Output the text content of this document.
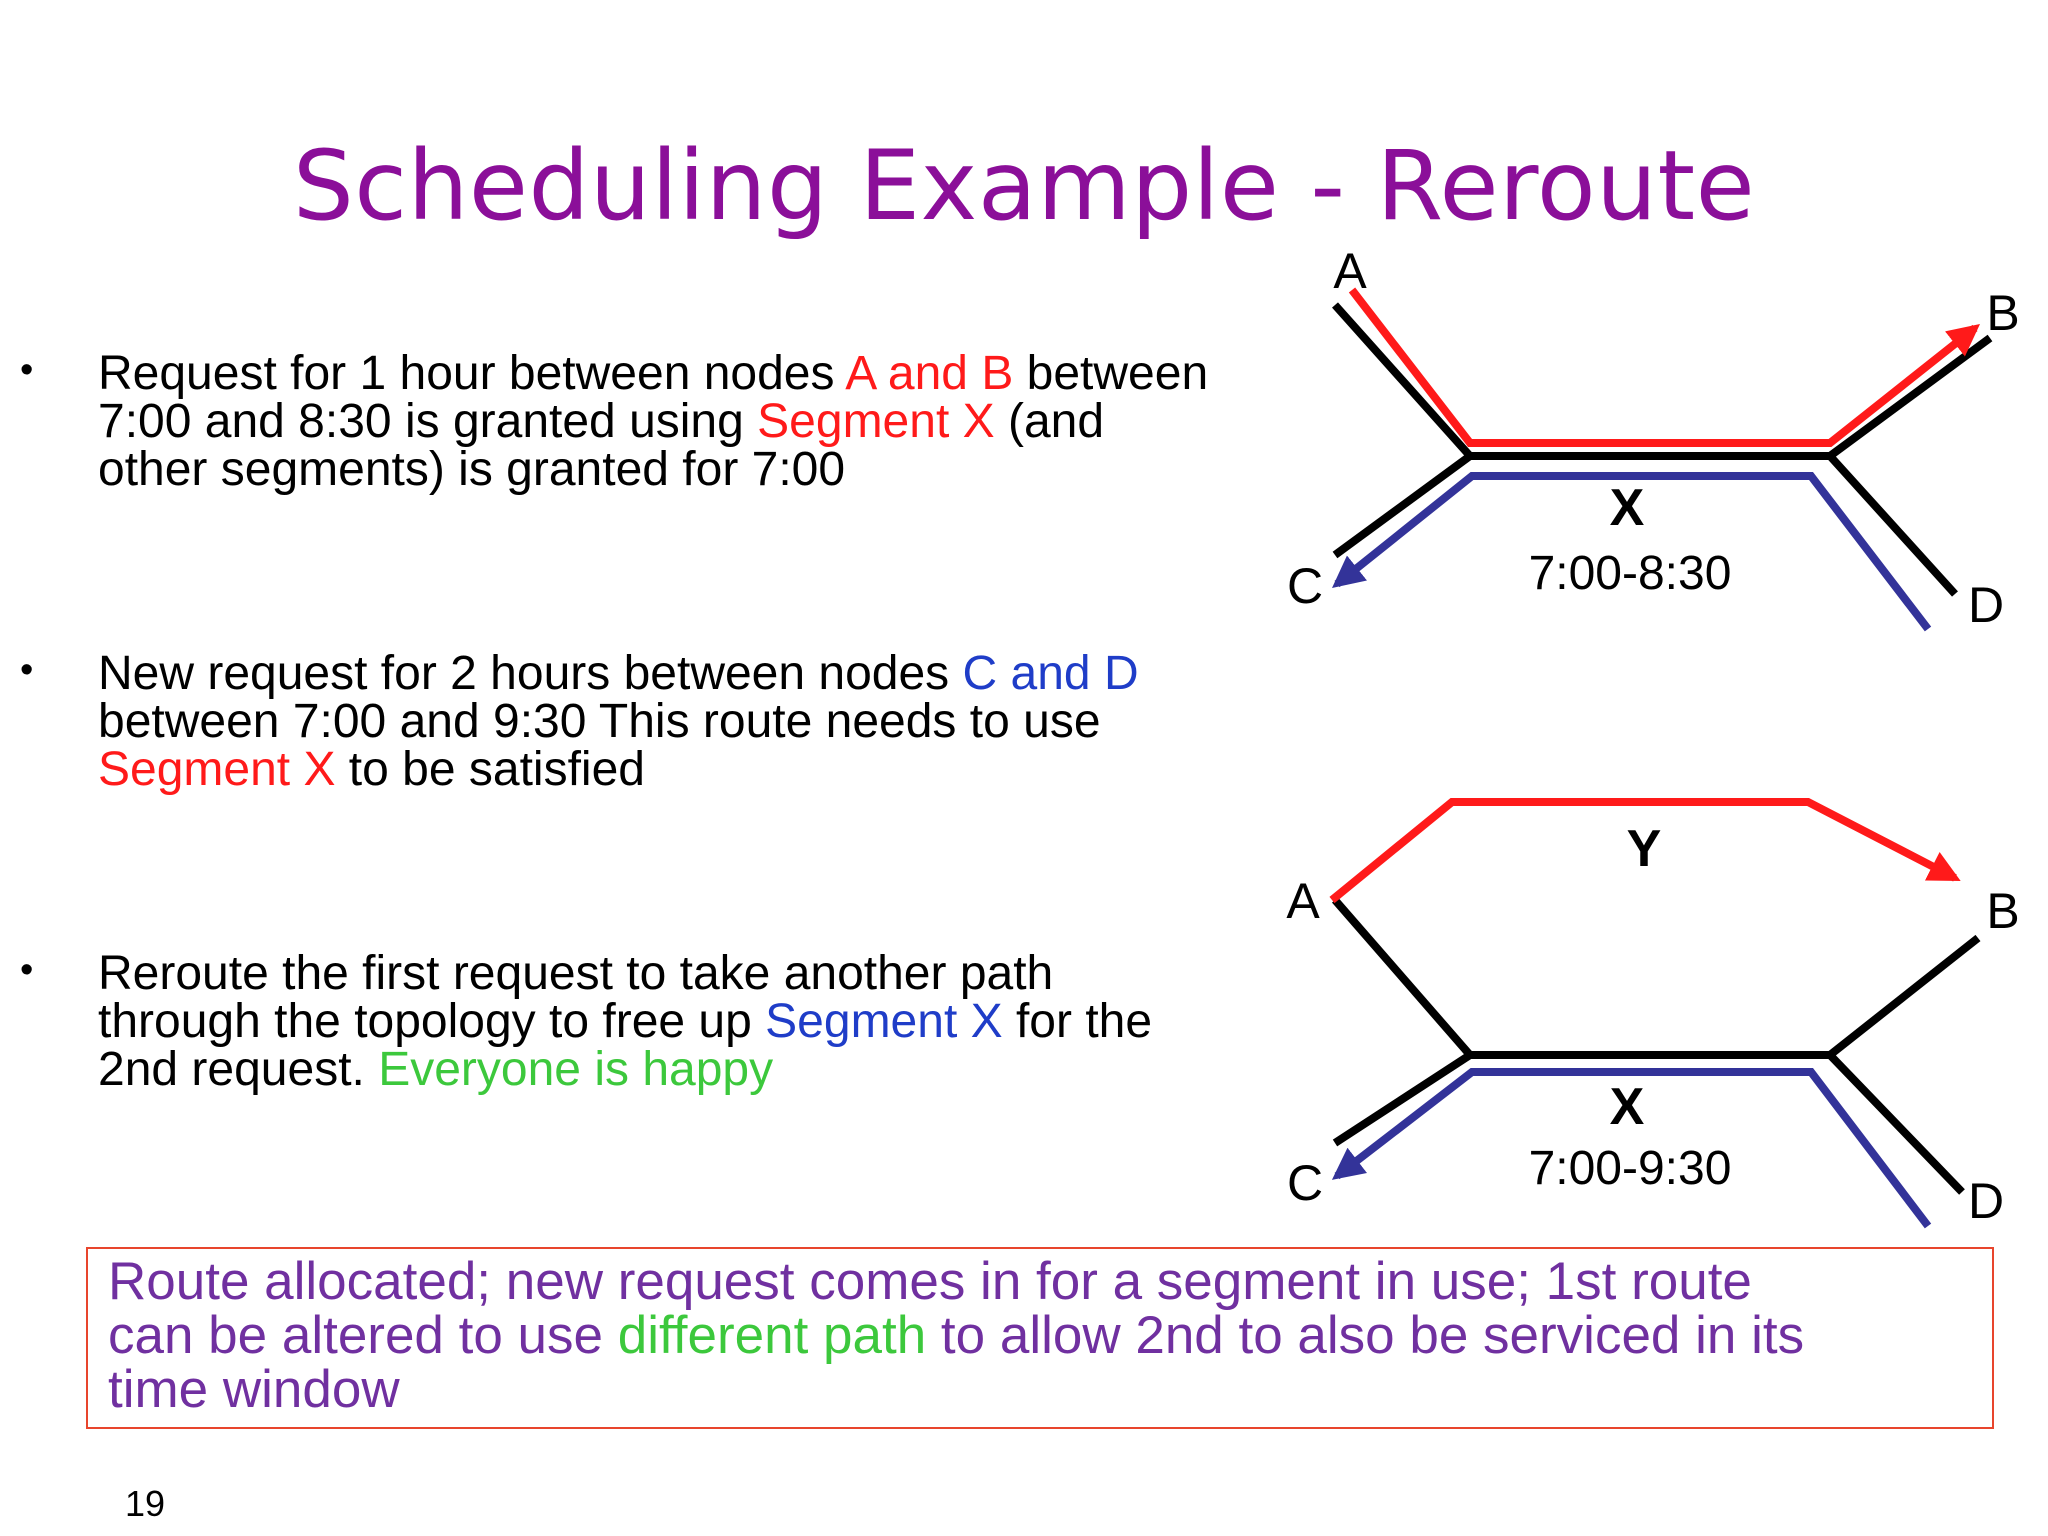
Scheduling Example - Reroute
• Request for 1 hour between nodes A and B between
7:00 and 8:30 is granted using Segment X (and
other segments) is granted for 7:00
• New request for 2 hours between nodes C and D
between 7:00 and 9:30 This route needs to use
Segment X to be satisfied
• Reroute the first request to take another path
through the topology to free up Segment X for the
2nd request. Everyone is happy
A
B
C	D
X
7:00-8:30
A	B
C	D
Y
X
7:00-9:30
Route allocated; new request comes in for a segment in use; 1st route
can be altered to use different path to allow 2nd to also be serviced in its
time window
19
